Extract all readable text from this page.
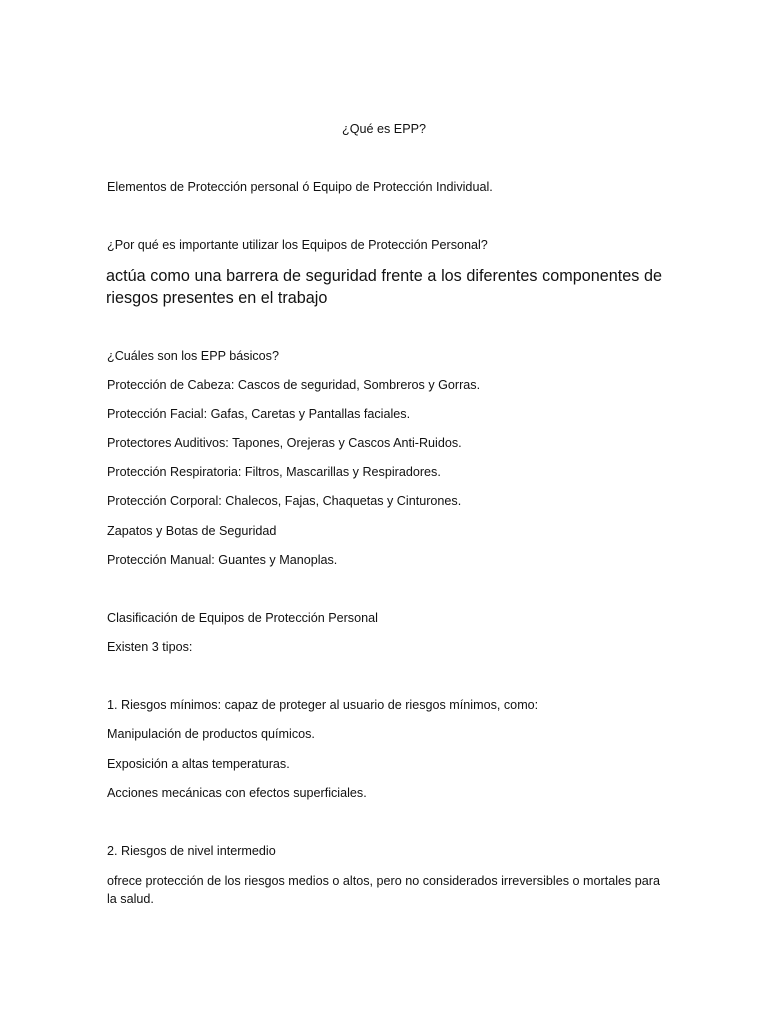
¿Qué es EPP?
Elementos de Protección personal ó Equipo de Protección Individual.
¿Por qué es importante utilizar los Equipos de Protección Personal?
actúa como una barrera de seguridad frente a los diferentes componentes de riesgos presentes en el trabajo
¿Cuáles son los EPP básicos?
Protección de Cabeza: Cascos de seguridad, Sombreros y Gorras.
Protección Facial: Gafas, Caretas y Pantallas faciales.
Protectores Auditivos: Tapones, Orejeras y Cascos Anti-Ruidos.
Protección Respiratoria: Filtros, Mascarillas y Respiradores.
Protección Corporal: Chalecos, Fajas, Chaquetas y Cinturones.
Zapatos y Botas de Seguridad
Protección Manual: Guantes y Manoplas.
Clasificación de Equipos de Protección Personal
Existen 3 tipos:
1. Riesgos mínimos: capaz de proteger al usuario de riesgos mínimos, como:
Manipulación de productos químicos.
Exposición a altas temperaturas.
Acciones mecánicas con efectos superficiales.
2. Riesgos de nivel intermedio
ofrece protección de los riesgos medios o altos, pero no considerados irreversibles o mortales para la salud.
